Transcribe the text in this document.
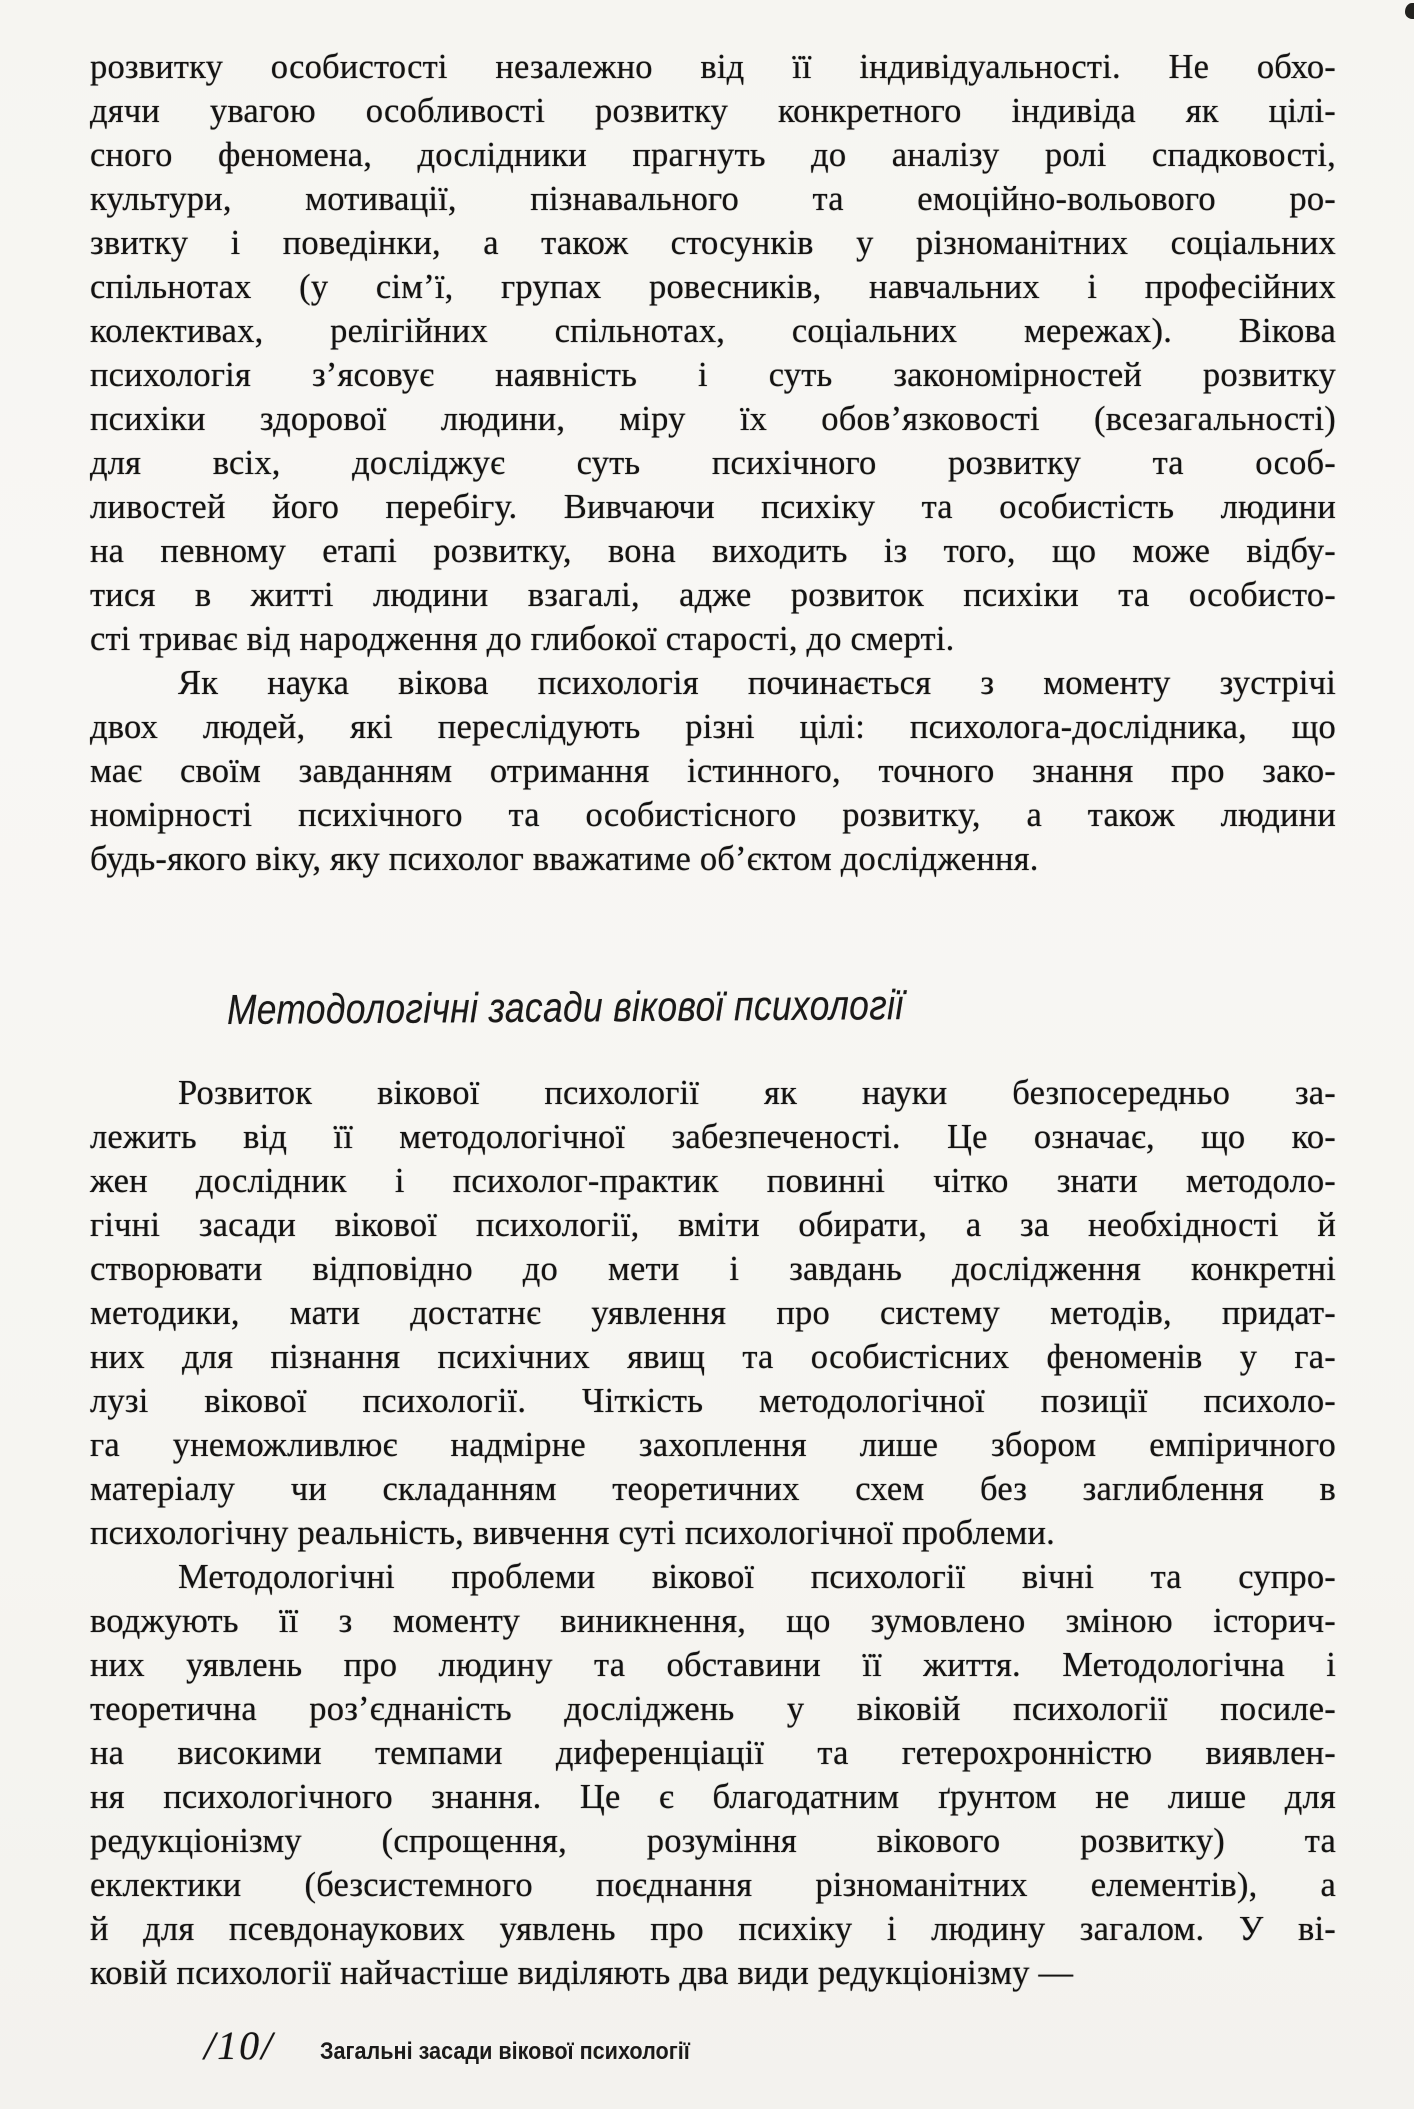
розвитку особистості незалежно від її індивідуальності. Не обхо-
дячи увагою особливості розвитку конкретного індивіда як цілі-
сного феномена, дослідники прагнуть до аналізу ролі спадковості,
культури, мотивації, пізнавального та емоційно-вольового ро-
звитку і поведінки, а також стосунків у різноманітних соціальних
спільнотах (у сім’ї, групах ровесників, навчальних і професійних
колективах, релігійних спільнотах, соціальних мережах). Вікова
психологія з’ясовує наявність і суть закономірностей розвитку
психіки здорової людини, міру їх обов’язковості (всезагальності)
для всіх, досліджує суть психічного розвитку та особ-
ливостей його перебігу. Вивчаючи психіку та особистість людини
на певному етапі розвитку, вона виходить із того, що може відбу-
тися в житті людини взагалі, адже розвиток психіки та особисто-
сті триває від народження до глибокої старості, до смерті.
Як наука вікова психологія починається з моменту зустрічі
двох людей, які переслідують різні цілі: психолога-дослідника, що
має своїм завданням отримання істинного, точного знання про зако-
номірності психічного та особистісного розвитку, а також людини
будь-якого віку, яку психолог вважатиме об’єктом дослідження.
Методологічні засади вікової психології
Розвиток вікової психології як науки безпосередньо за-
лежить від її методологічної забезпеченості. Це означає, що ко-
жен дослідник і психолог-практик повинні чітко знати методоло-
гічні засади вікової психології, вміти обирати, а за необхідності й
створювати відповідно до мети і завдань дослідження конкретні
методики, мати достатнє уявлення про систему методів, придат-
них для пізнання психічних явищ та особистісних феноменів у га-
лузі вікової психології. Чіткість методологічної позиції психоло-
га унеможливлює надмірне захоплення лише збором емпіричного
матеріалу чи складанням теоретичних схем без заглиблення в
психологічну реальність, вивчення суті психологічної проблеми.
Методологічні проблеми вікової психології вічні та супро-
воджують її з моменту виникнення, що зумовлено зміною історич-
них уявлень про людину та обставини її життя. Методологічна і
теоретична роз’єднаність досліджень у віковій психології посиле-
на високими темпами диференціації та гетерохронністю виявлен-
ня психологічного знання. Це є благодатним ґрунтом не лише для
редукціонізму (спрощення, розуміння вікового розвитку) та
еклектики (безсистемного поєднання різноманітних елементів), а
й для псевдонаукових уявлень про психіку і людину загалом. У ві-
ковій психології найчастіше виділяють два види редукціонізму —
/10/ Загальні засади вікової психології
